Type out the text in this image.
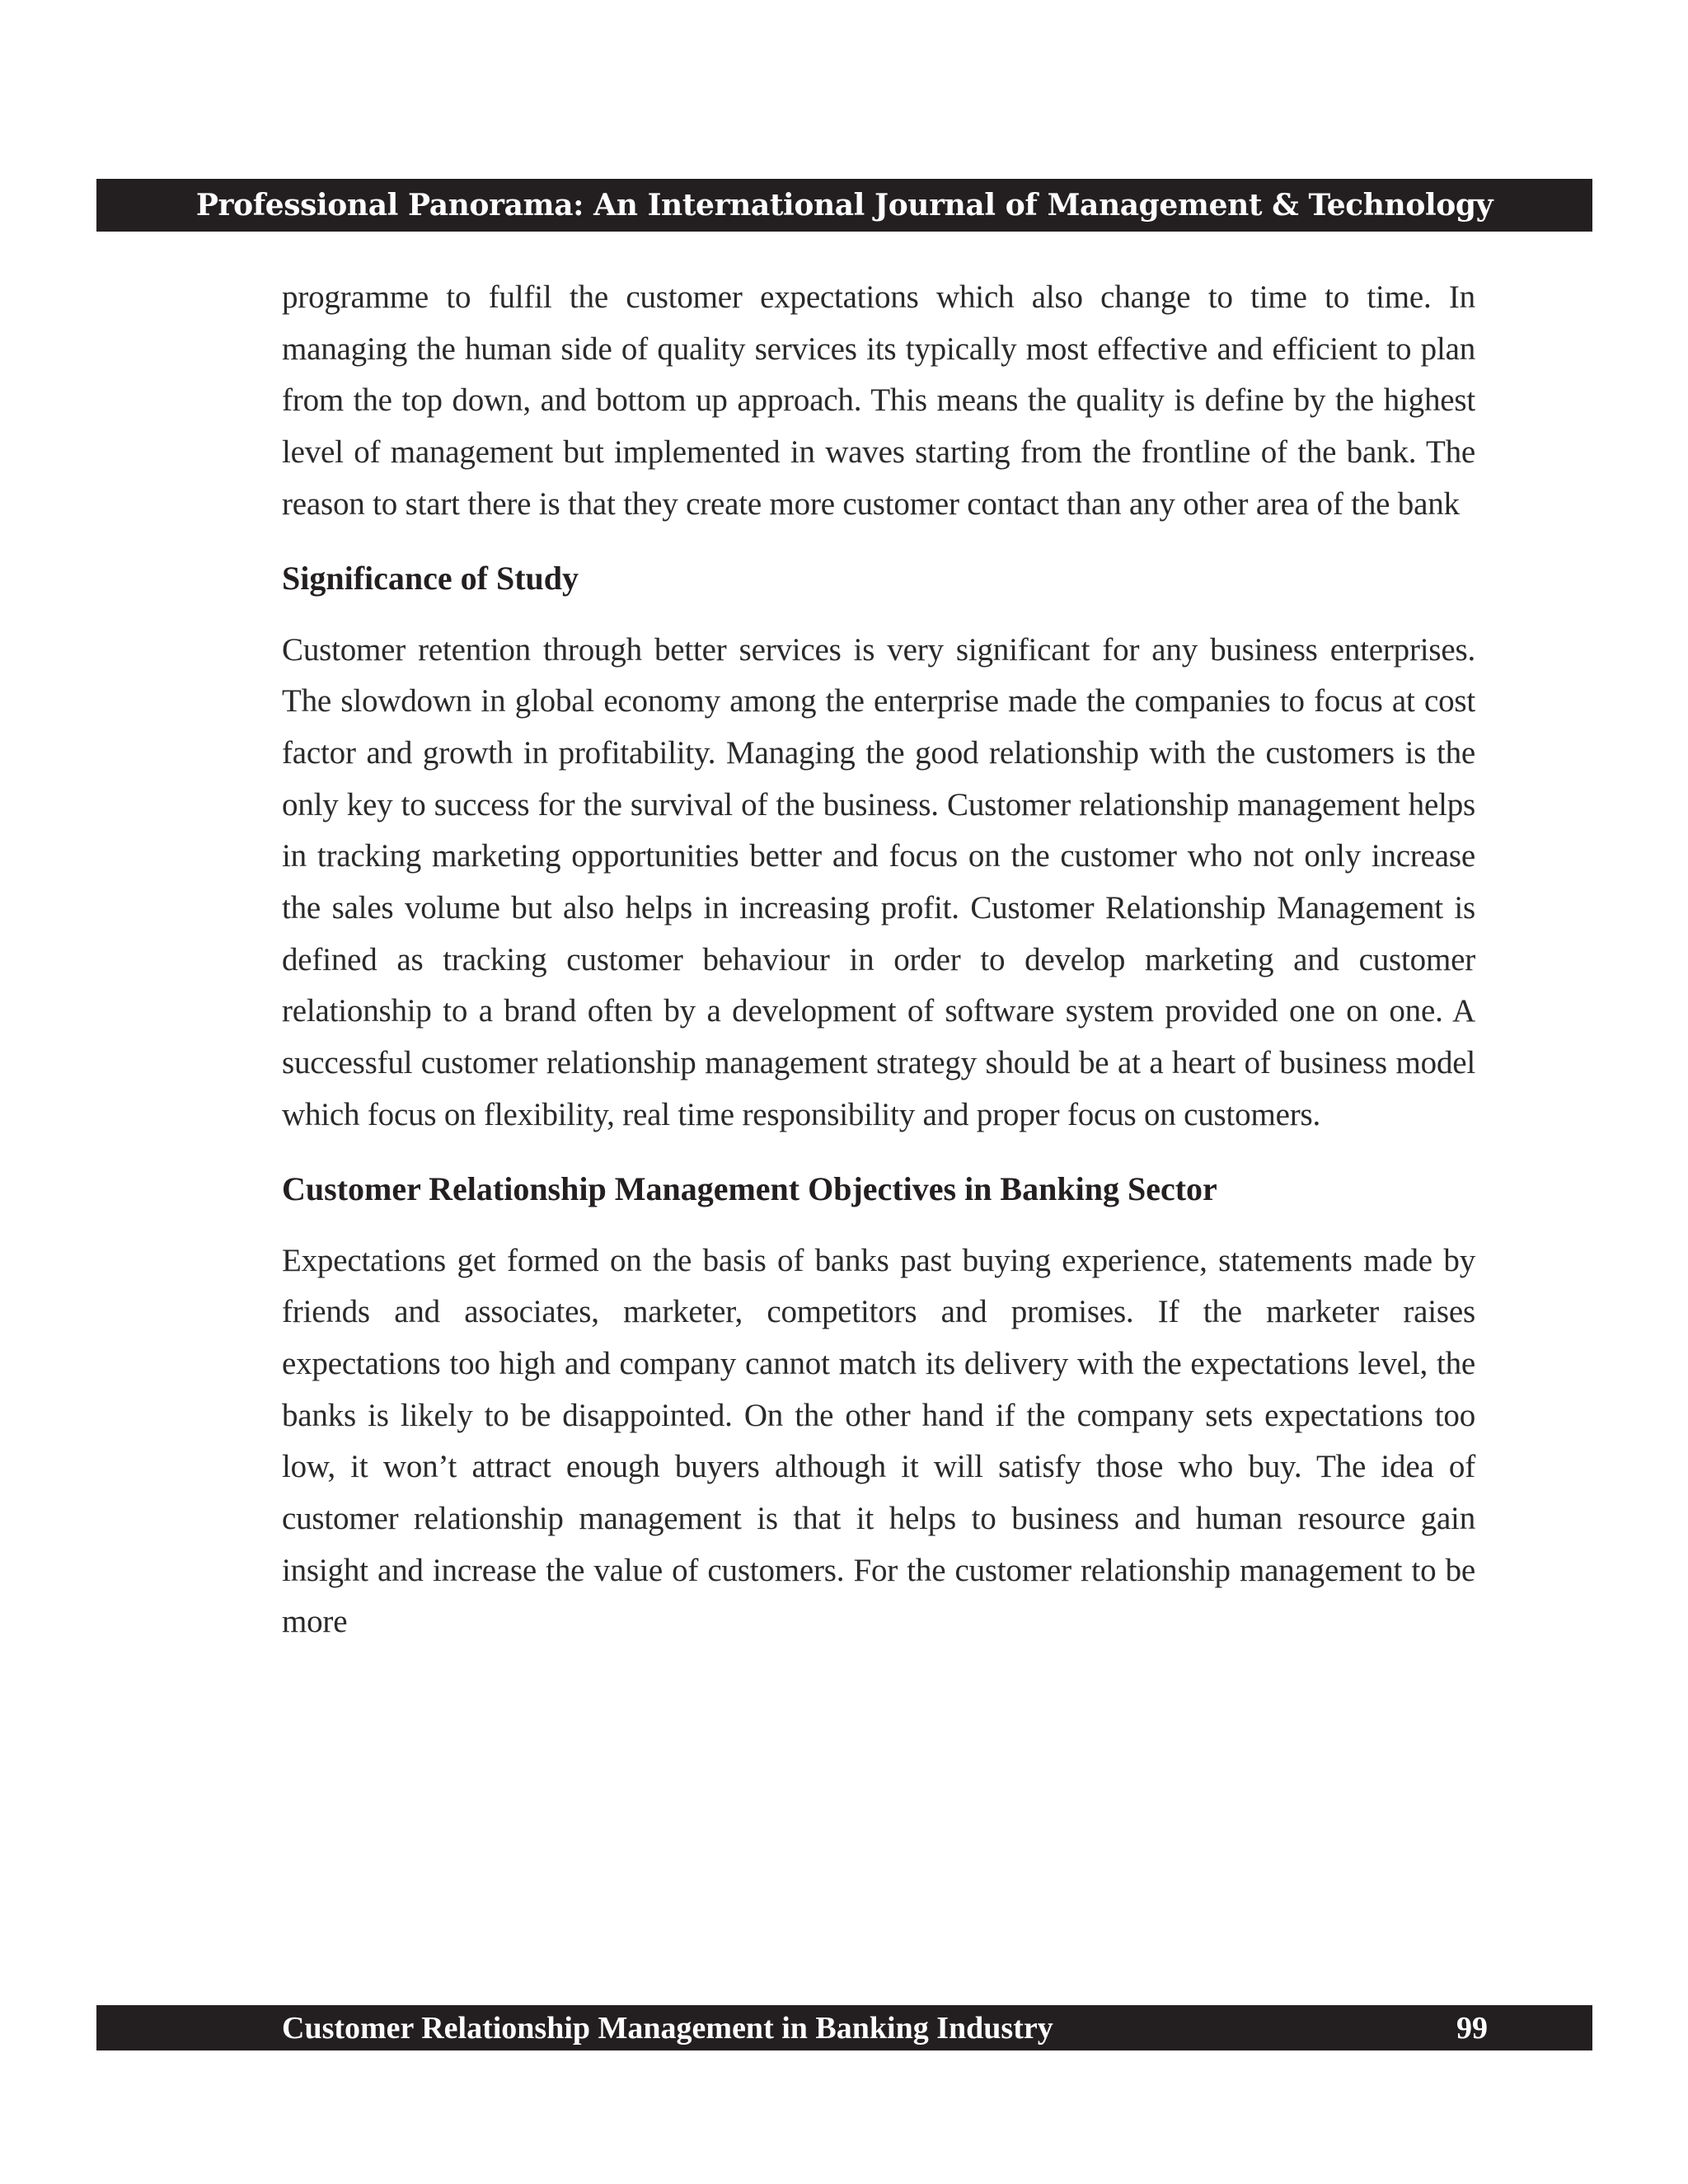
Professional Panorama: An International Journal of Management & Technology

programme to fulfil the customer expectations which also change to time to time. In managing the human side of quality services its typically most effective and efficient to plan from the top down, and bottom up approach. This means the quality is define by the highest level of management but implemented in waves starting from the frontline of the bank. The reason to start there is that they create more customer contact than any other area of the bank

Significance of Study

Customer retention through better services is very significant for any business enterprises. The slowdown in global economy among the enterprise made the companies to focus at cost factor and growth in profitability. Managing the good relationship with the customers is the only key to success for the survival of the business. Customer relationship management helps in tracking marketing opportunities better and focus on the customer who not only increase the sales volume but also helps in increasing profit. Customer Relationship Management is defined as tracking customer behaviour in order to develop marketing and customer relationship to a brand often by a development of software system provided one on one. A successful customer relationship management strategy should be at a heart of business model which focus on flexibility, real time responsibility and proper focus on customers.

Customer Relationship Management Objectives in Banking Sector

Expectations get formed on the basis of banks past buying experience, statements made by friends and associates, marketer, competitors and promises. If the marketer raises expectations too high and company cannot match its delivery with the expectations level, the banks is likely to be disappointed. On the other hand if the company sets expectations too low, it won’t attract enough buyers although it will satisfy those who buy. The idea of customer relationship management is that it helps to business and human resource gain insight and increase the value of customers. For the customer relationship management to be more

Customer Relationship Management in Banking Industry	99
